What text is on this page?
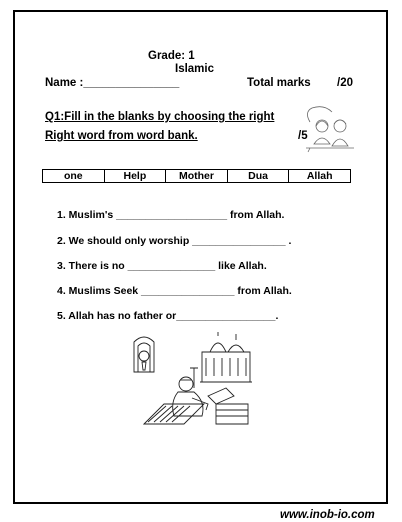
Grade: 1
Islamic
Name :_______________	Total marks /20
Q1:Fill in the blanks by choosing the right
Right word from word bank.	/5
one	Help	Mother	Dua	Allah
1. Muslim's ___________________ from Allah.
2. We should only worship ________________ .
3. There is no _______________ like Allah.
4. Muslims Seek ________________ from Allah.
5. Allah has no father or_________________.
www.inob-io.com
